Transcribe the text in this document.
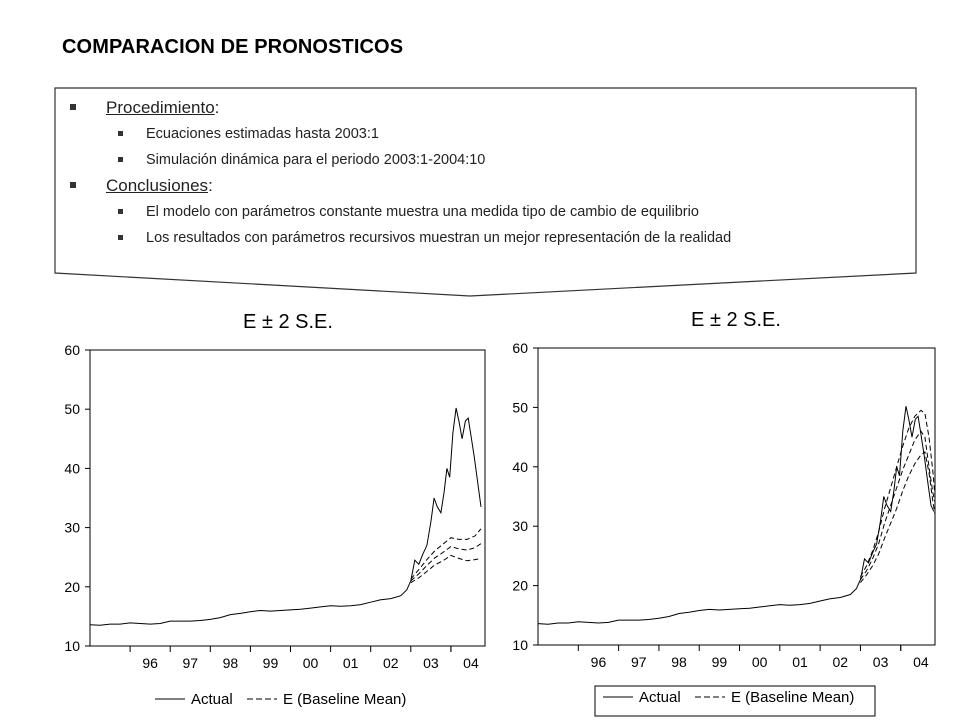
COMPARACION DE PRONOSTICOS
Procedimiento:
Ecuaciones estimadas hasta 2003:1
Simulación dinámica para el periodo 2003:1-2004:10
Conclusiones:
El modelo con parámetros constante muestra una medida tipo de cambio de equilibrio
Los resultados con parámetros recursivos muestran un mejor representación de la realidad
E ± 2 S.E.
10
20
30
40
50
60
96 97 98 99 00 01 02 03 04
Actual	E (Baseline Mean)
E ± 2 S.E.
10
20
30
40
50
60
96 97 98 99 00 01 02 03 04
Actual	E (Baseline Mean)
